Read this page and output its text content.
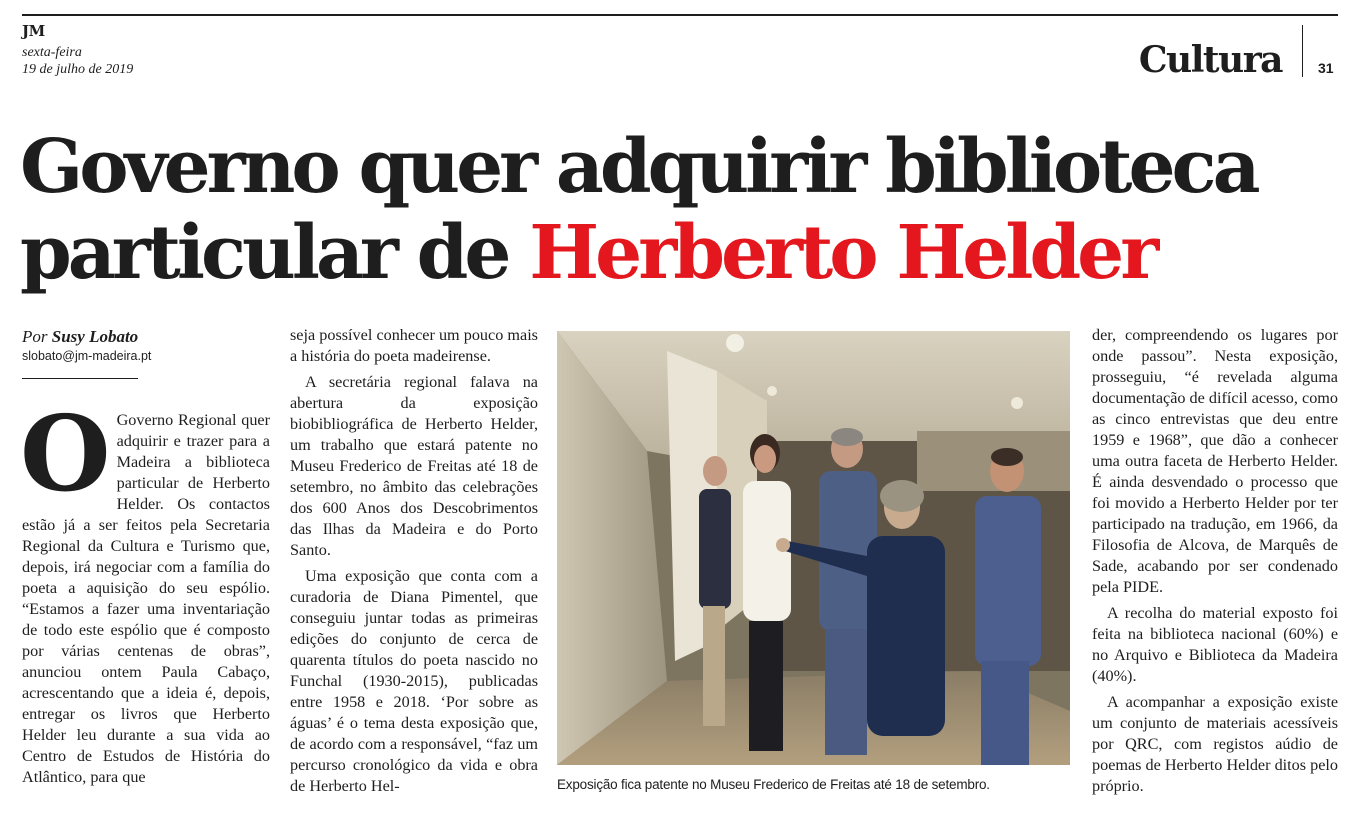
JM
sexta-feira
19 de julho de 2019	Cultura	31
Governo quer adquirir biblioteca
particular de Herberto Helder
Por Susy Lobato
slobato@jm-madeira.pt
O Governo Regional quer adquirir e trazer para a Madeira a biblioteca particular de Herberto Helder. Os contactos estão já a ser feitos pela Secretaria Regional da Cultura e Turismo que, depois, irá negociar com a família do poeta a aquisição do seu espólio. “Estamos a fazer uma inventariação de todo este espólio que é composto por várias centenas de obras”, anunciou ontem Paula Cabaço, acrescentando que a ideia é, depois, entregar os livros que Herberto Helder leu durante a sua vida ao Centro de Estudos de História do Atlântico, para que

seja possível conhecer um pouco mais a história do poeta madeirense.

A secretária regional falava na abertura da exposição biobibliográfica de Herberto Helder, um trabalho que estará patente no Museu Frederico de Freitas até 18 de setembro, no âmbito das celebrações dos 600 Anos dos Descobrimentos das Ilhas da Madeira e do Porto Santo.

Uma exposição que conta com a curadoria de Diana Pimentel, que conseguiu juntar todas as primeiras edições do conjunto de cerca de quarenta títulos do poeta nascido no Funchal (1930-2015), publicadas entre 1958 e 2018. ‘Por sobre as águas’ é o tema desta exposição que, de acordo com a responsável, “faz um percurso cronológico da vida e obra de Herberto Hel-	Exposição fica patente no Museu Frederico de Freitas até 18 de setembro.

der, compreendendo os lugares por onde passou”. Nesta exposição, prosseguiu, “é revelada alguma documentação de difícil acesso, como as cinco entrevistas que deu entre 1959 e 1968”, que dão a conhecer uma outra faceta de Herberto Helder. É ainda desvendado o processo que foi movido a Herberto Helder por ter participado na tradução, em 1966, da Filosofia de Alcova, de Marquês de Sade, acabando por ser condenado pela PIDE.

A recolha do material exposto foi feita na biblioteca nacional (60%) e no Arquivo e Biblioteca da Madeira (40%).

A acompanhar a exposição existe um conjunto de materiais acessíveis por QRC, com registos aúdio de poemas de Herberto Helder ditos pelo próprio.
